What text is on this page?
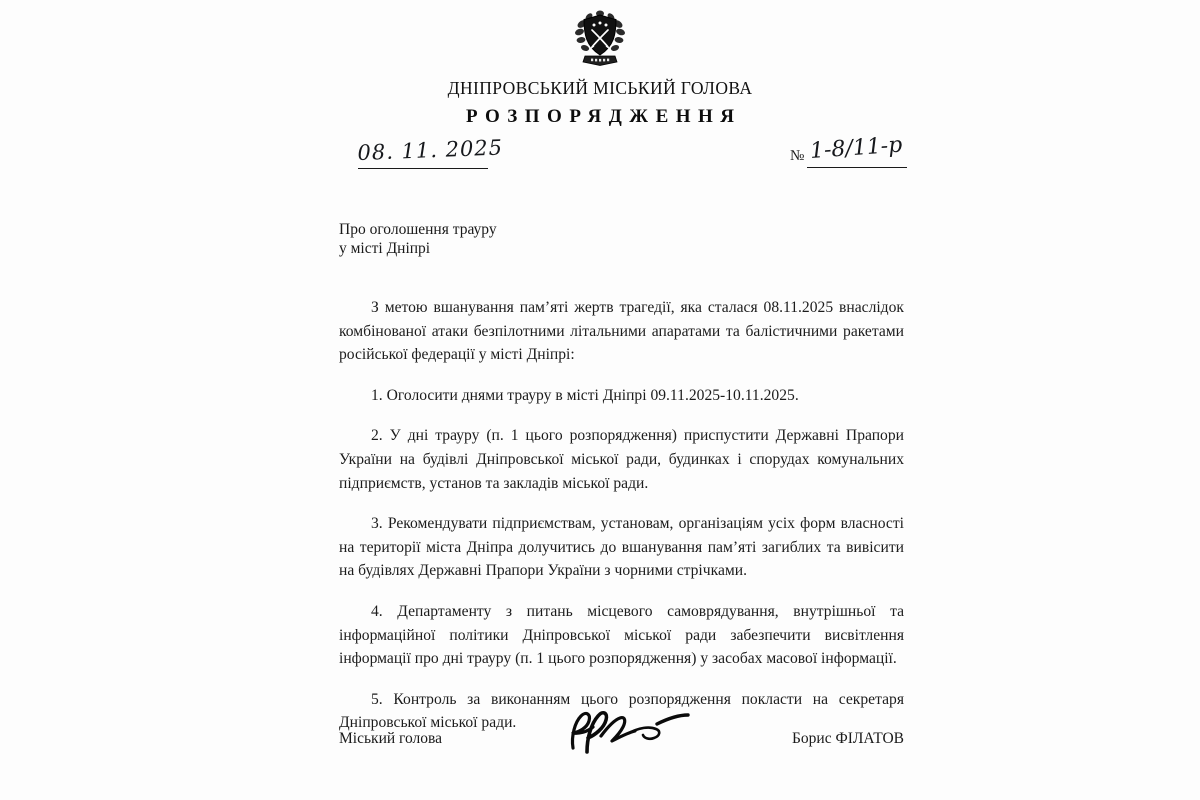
ДНІПРОВСЬКИЙ МІСЬКИЙ ГОЛОВА
РОЗПОРЯДЖЕННЯ
08. 11. 2025	№ 1-8/11-р
Про оголошення трауру
у місті Дніпрі

З метою вшанування пам’яті жертв трагедії, яка сталася 08.11.2025 внаслідок комбінованої атаки безпілотними літальними апаратами та балістичними ракетами російської федерації у місті Дніпрі:

1. Оголосити днями трауру в місті Дніпрі 09.11.2025-10.11.2025.

2. У дні трауру (п. 1 цього розпорядження) приспустити Державні Прапори України на будівлі Дніпровської міської ради, будинках і спорудах комунальних підприємств, установ та закладів міської ради.

3. Рекомендувати підприємствам, установам, організаціям усіх форм власності на території міста Дніпра долучитись до вшанування пам’яті загиблих та вивісити на будівлях Державні Прапори України з чорними стрічками.

4. Департаменту з питань місцевого самоврядування, внутрішньої та інформаційної політики Дніпровської міської ради забезпечити висвітлення інформації про дні трауру (п. 1 цього розпорядження) у засобах масової інформації.

5. Контроль за виконанням цього розпорядження покласти на секретаря Дніпровської міської ради.

Міський голова	Борис ФІЛАТОВ
